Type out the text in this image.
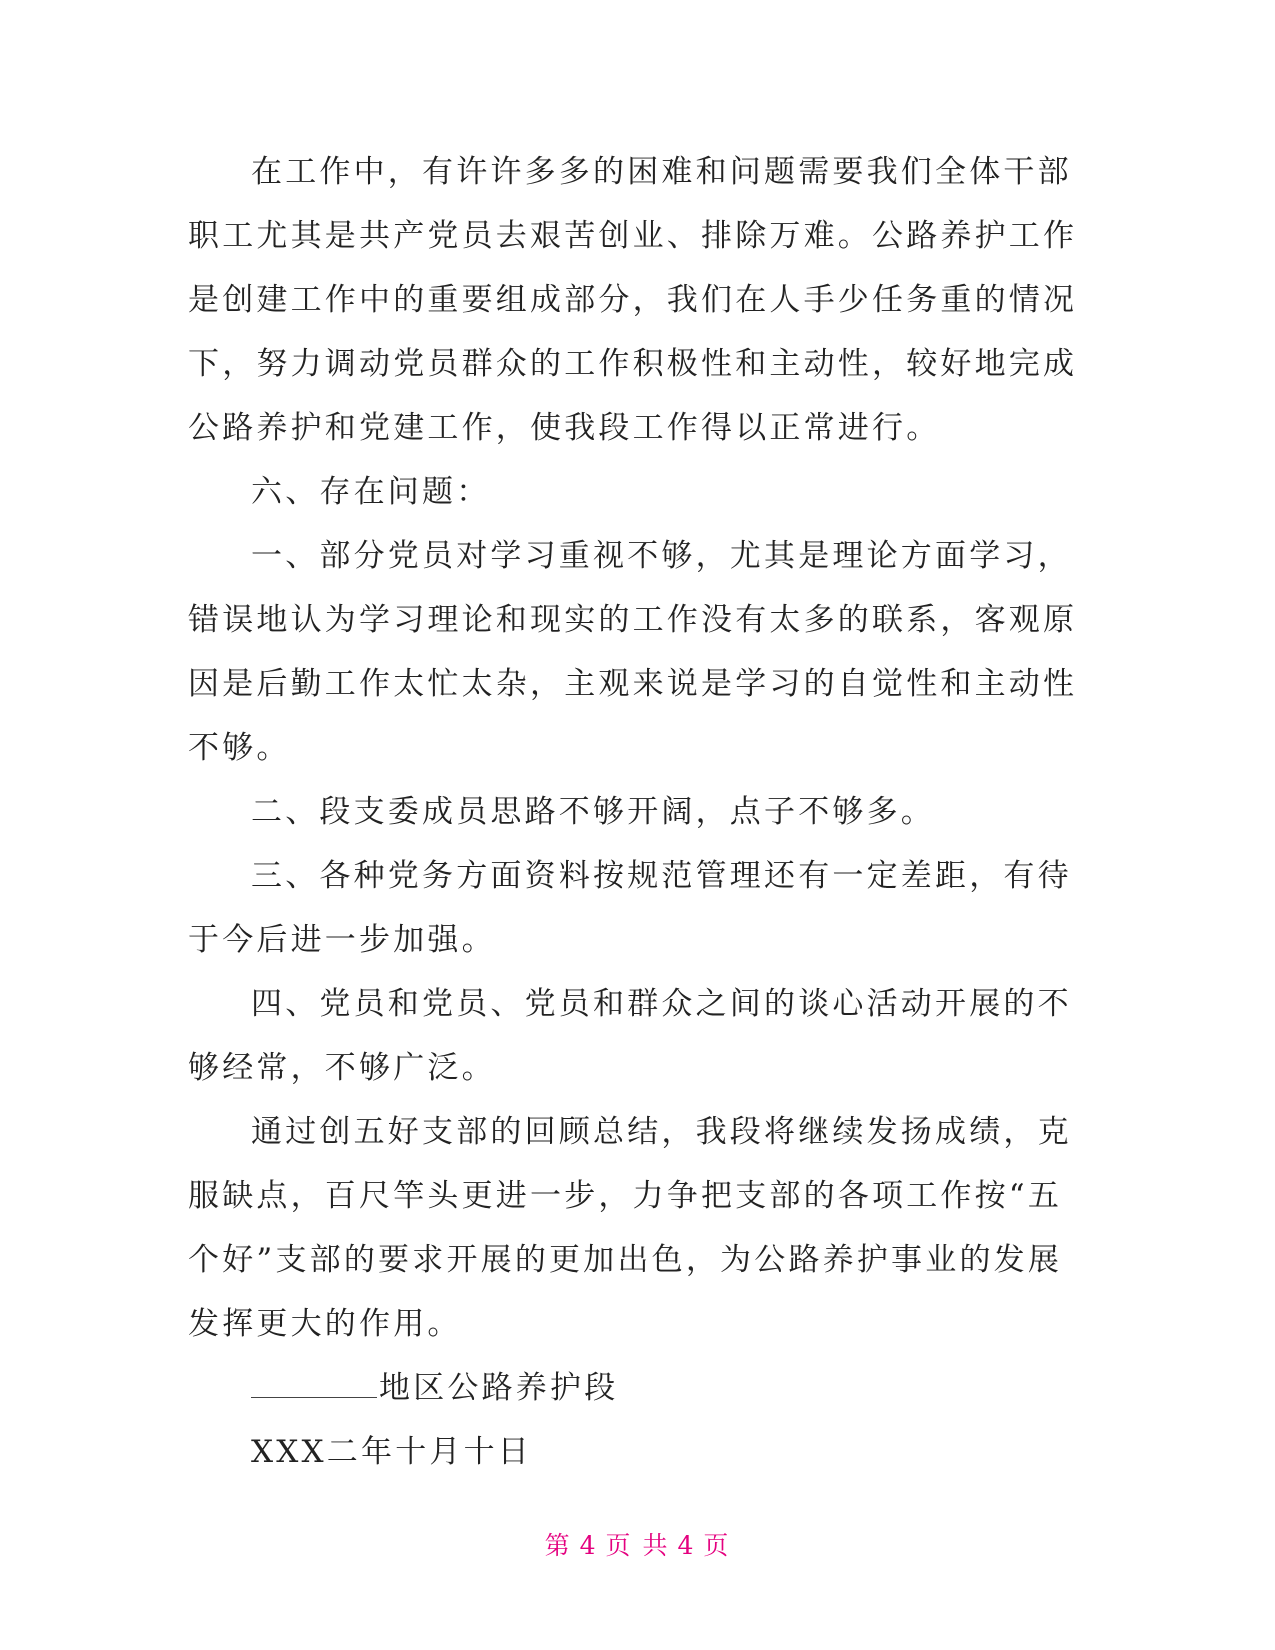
在工作中，有许许多多的困难和问题需要我们全体干部职工尤其是共产党员去艰苦创业、排除万难。公路养护工作是创建工作中的重要组成部分，我们在人手少任务重的情况下，努力调动党员群众的工作积极性和主动性，较好地完成公路养护和党建工作，使我段工作得以正常进行。

六、存在问题：

一、部分党员对学习重视不够，尤其是理论方面学习，错误地认为学习理论和现实的工作没有太多的联系，客观原因是后勤工作太忙太杂，主观来说是学习的自觉性和主动性不够。

二、段支委成员思路不够开阔，点子不够多。

三、各种党务方面资料按规范管理还有一定差距，有待于今后进一步加强。

四、党员和党员、党员和群众之间的谈心活动开展的不够经常，不够广泛。

通过创五好支部的回顾总结，我段将继续发扬成绩，克服缺点，百尺竿头更进一步，力争把支部的各项工作按“五个好”支部的要求开展的更加出色，为公路养护事业的发展发挥更大的作用。

地区公路养护段

XXX二年十月十日

第 4 页 共 4 页
